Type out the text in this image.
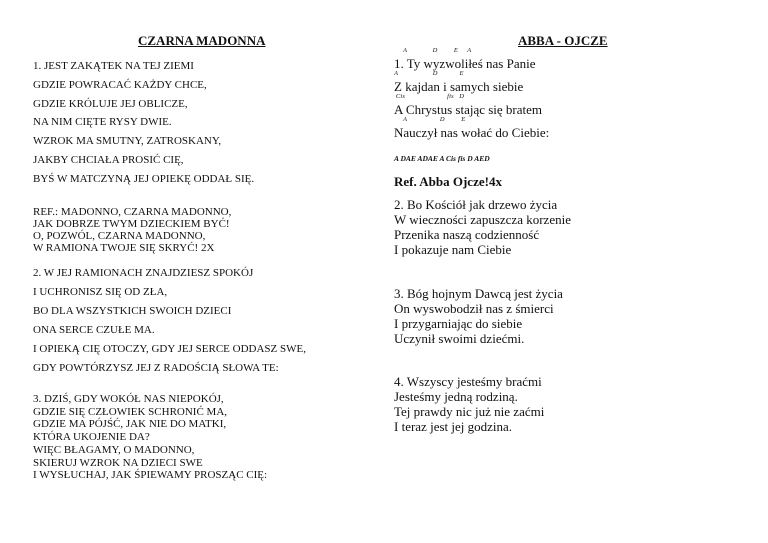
CZARNA MADONNA
1. JEST ZAKĄTEK NA TEJ ZIEMI
GDZIE POWRACAĆ KAŻDY CHCE,
GDZIE KRÓLUJE JEJ OBLICZE,
NA NIM CIĘTE RYSY DWIE.
WZROK MA SMUTNY, ZATROSKANY,
JAKBY CHCIAŁA PROSIĆ CIĘ,
BYŚ W MATCZYNĄ JEJ OPIEKĘ ODDAŁ SIĘ.
REF.: MADONNO, CZARNA MADONNO,
JAK DOBRZE TWYM DZIECKIEM BYĆ!
O, POZWÓL, CZARNA MADONNO,
W RAMIONA TWOJE SIĘ SKRYĆ! 2X
2. W JEJ RAMIONACH ZNAJDZIESZ SPOKÓJ
I UCHRONISZ SIĘ OD ZŁA,
BO DLA WSZYSTKICH SWOICH DZIECI
ONA SERCE CZUŁE MA.
I OPIEKĄ CIĘ OTOCZY, GDY JEJ SERCE ODDASZ SWE,
GDY POWTÓRZYSZ JEJ Z RADOŚCIĄ SŁOWA TE:
3. DZIŚ, GDY WOKÓŁ NAS NIEPOKÓJ,
GDZIE SIĘ CZŁOWIEK SCHRONIĆ MA,
GDZIE MA PÓJŚĆ, JAK NIE DO MATKI,
KTÓRA UKOJENIE DA?
WIĘC BŁAGAMY, O MADONNO,
SKIERUJ WZROK NA DZIECI SWE
I WYSŁUCHAJ, JAK ŚPIEWAMY PROSZĄC CIĘ:
ABBA - OJCZE
A              D         E     A
1. Ty wyzwoliłeś nas Panie
A                   D            E
Z kajdan i samych siebie
Cis                       fis   D
A Chrystus stając się bratem
A                  D         E
Nauczył nas wołać do Ciebie:
A DAE ADAE A Cis fis D AED
Ref. Abba Ojcze!4x
2. Bo Kościół jak drzewo życia
W wieczności zapuszcza korzenie
Przenika naszą codzienność
I pokazuje nam Ciebie
3. Bóg hojnym Dawcą jest życia
On wyswobodził nas z śmierci
I przygarniając do siebie
Uczynił swoimi dziećmi.
4. Wszyscy jesteśmy braćmi
Jesteśmy jedną rodziną.
Tej prawdy nic już nie zaćmi
I teraz jest jej godzina.
